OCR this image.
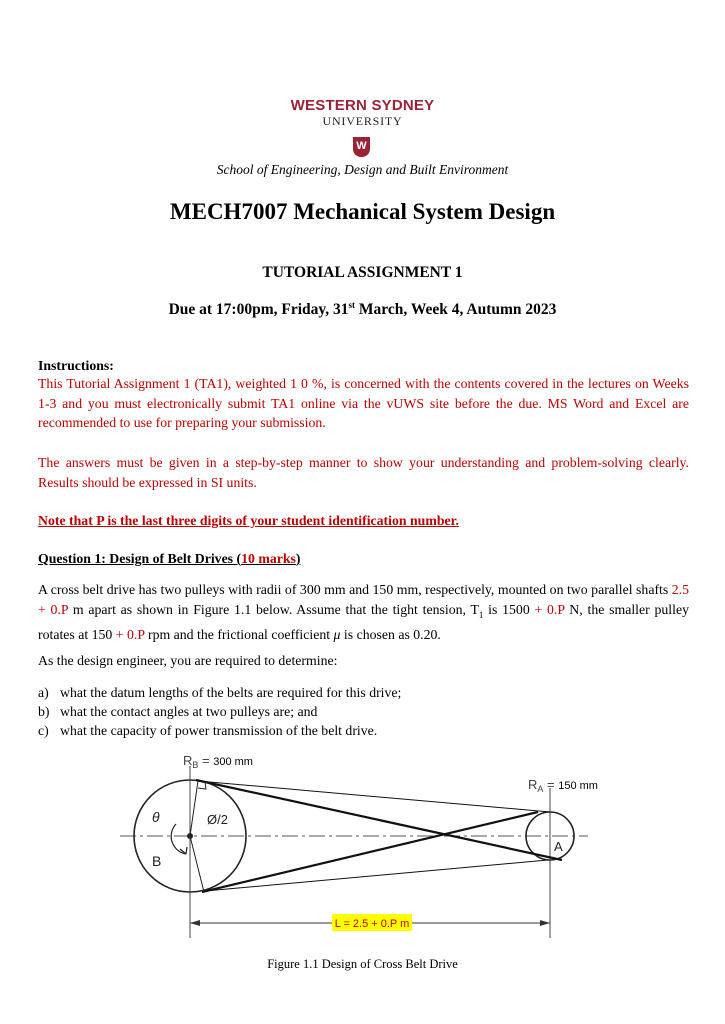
WESTERN SYDNEY
UNIVERSITY
W
School of Engineering, Design and Built Environment
MECH7007 Mechanical System Design
TUTORIAL ASSIGNMENT 1
Due at 17:00pm, Friday, 31st March, Week 4, Autumn 2023
Instructions:
This Tutorial Assignment 1 (TA1), weighted 1 0 %, is concerned with the contents covered in the lectures on Weeks 1-3 and you must electronically submit TA1 online via the vUWS site before the due. MS Word and Excel are recommended to use for preparing your submission.
The answers must be given in a step-by-step manner to show your understanding and problem-solving clearly. Results should be expressed in SI units.
Note that P is the last three digits of your student identification number.
Question 1: Design of Belt Drives (10 marks)
A cross belt drive has two pulleys with radii of 300 mm and 150 mm, respectively, mounted on two parallel shafts 2.5 + 0.P m apart as shown in Figure 1.1 below. Assume that the tight tension, $T_1$ is 1500 + 0.P N, the smaller pulley rotates at 150 + 0.P rpm and the frictional coefficient μ is chosen as 0.20.
As the design engineer, you are required to determine:
a) what the datum lengths of the belts are required for this drive;
b) what the contact angles at two pulleys are; and
c) what the capacity of power transmission of the belt drive.
L = 2.5 + 0.P m
θ	Ø/2
B
A
$R_B = 300$ mm
$R_A = 150$ mm
Figure 1.1 Design of Cross Belt Drive
